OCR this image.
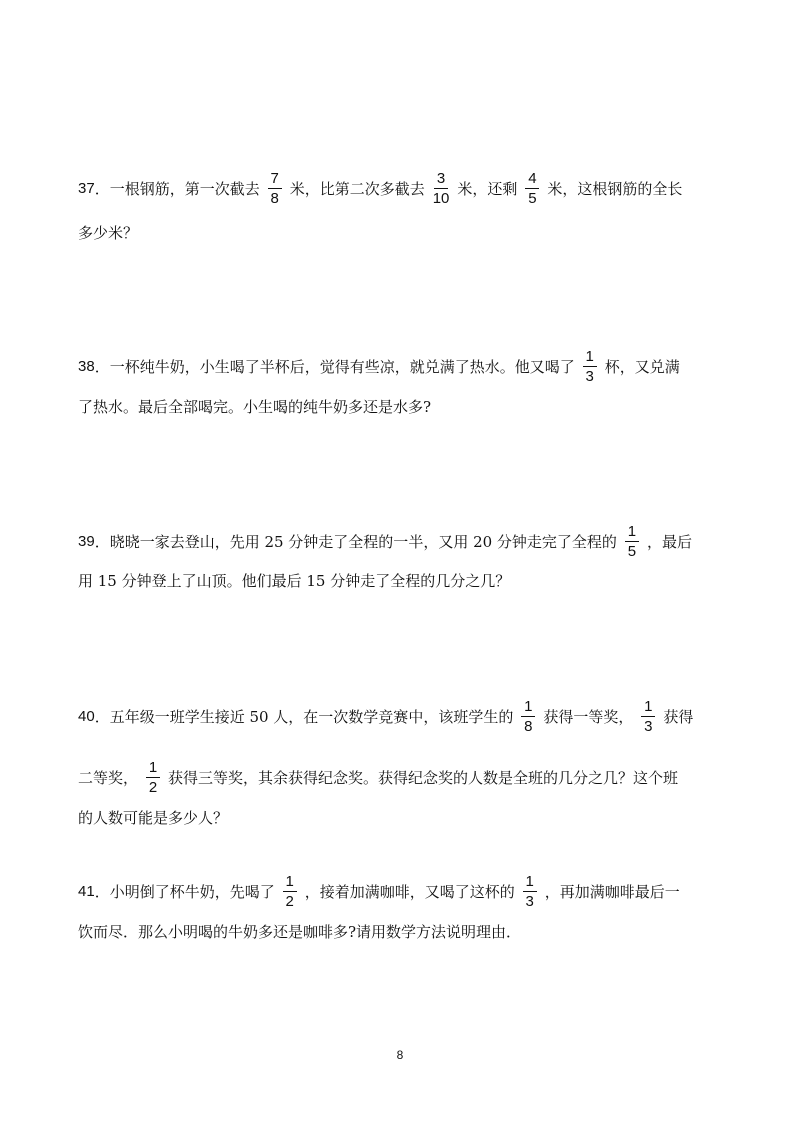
37 ．一根钢筋，第一次截去 $\frac{7}{8}$ 米，比第二次多截去 $\frac{3}{10}$ 米，还剩 $\frac{4}{5}$ 米，这根钢筋的全长
多少米？
38 ．一杯纯牛奶，小生喝了半杯后，觉得有些凉，就兑满了热水。他又喝了 $\frac{1}{3}$ 杯，又兑满
了热水。最后全部喝完。小生喝的纯牛奶多还是水多?
39 ．晓晓一家去登山，先用 25 分钟走了全程的一半，又用 20 分钟走完了全程的 $\frac{1}{5}$ ，最后
用 15 分钟登上了山顶。他们最后 15 分钟走了全程的几分之几？
40 ．五年级一班学生接近 50 人，在一次数学竞赛中，该班学生的 $\frac{1}{8}$ 获得一等奖， $\frac{1}{3}$ 获得
二等奖， $\frac{1}{2}$ 获得三等奖，其余获得纪念奖。获得纪念奖的人数是全班的几分之几？这个班
的人数可能是多少人？
41 ．小明倒了杯牛奶，先喝了 $\frac{1}{2}$ ，接着加满咖啡，又喝了这杯的 $\frac{1}{3}$ ，再加满咖啡最后一
饮而尽．那么小明喝的牛奶多还是咖啡多?请用数学方法说明理由．
8
